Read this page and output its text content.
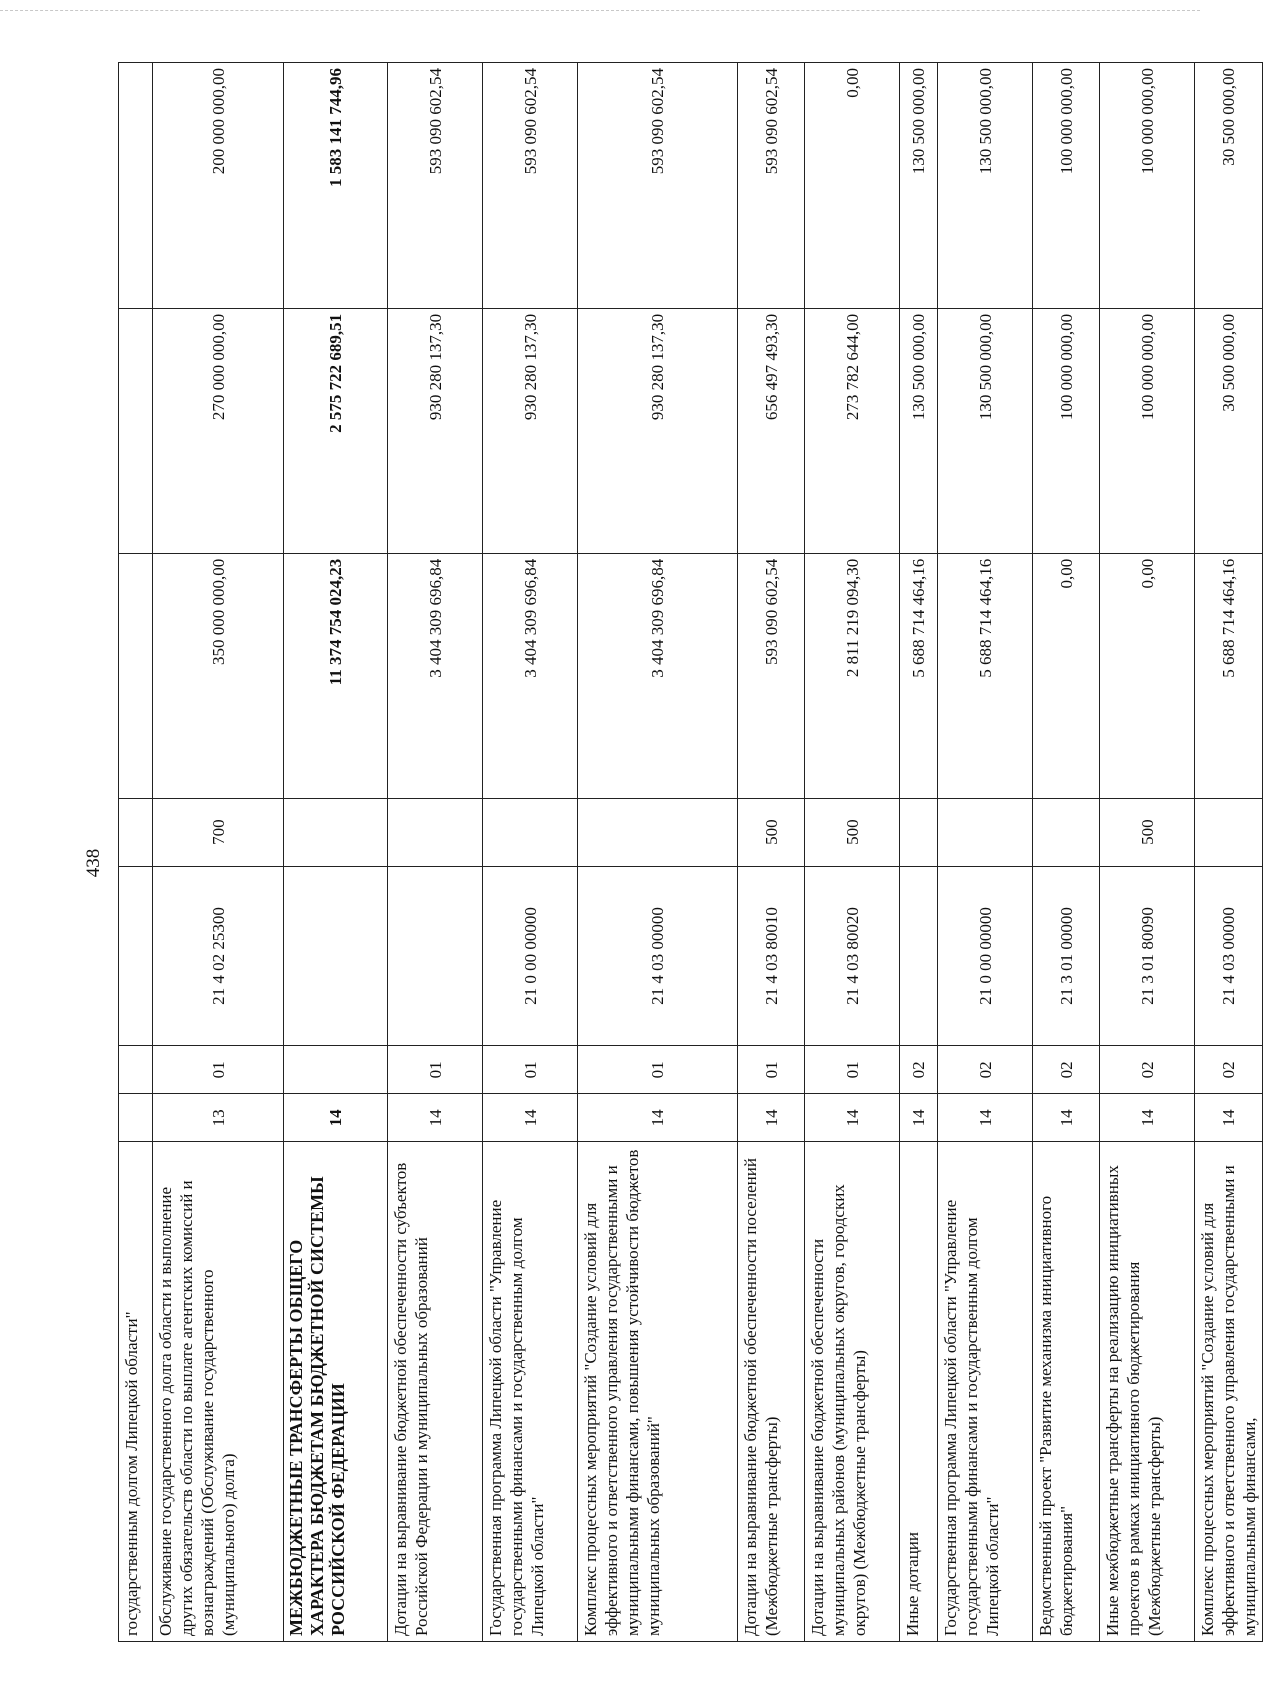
438
государственным долгом Липецкой области"							
Обслуживание государственного долга области и выполнение других обязательств области по выплате агентских комиссий и вознаграждений (Обслуживание государственного (муниципального) долга)	13	01	21 4 02 25300	700	350 000 000,00	270 000 000,00	200 000 000,00
МЕЖБЮДЖЕТНЫЕ ТРАНСФЕРТЫ ОБЩЕГО ХАРАКТЕРА БЮДЖЕТАМ БЮДЖЕТНОЙ СИСТЕМЫ РОССИЙСКОЙ ФЕДЕРАЦИИ	14				11 374 754 024,23	2 575 722 689,51	1 583 141 744,96
Дотации на выравнивание бюджетной обеспеченности субъектов Российской Федерации и муниципальных образований	14	01			3 404 309 696,84	930 280 137,30	593 090 602,54
Государственная программа Липецкой области "Управление государственными финансами и государственным долгом Липецкой области"	14	01	21 0 00 00000		3 404 309 696,84	930 280 137,30	593 090 602,54
Комплекс процессных мероприятий "Создание условий для эффективного и ответственного управления государственными и муниципальными финансами, повышения устойчивости бюджетов муниципальных образований"	14	01	21 4 03 00000		3 404 309 696,84	930 280 137,30	593 090 602,54
Дотации на выравнивание бюджетной обеспеченности поселений (Межбюджетные трансферты)	14	01	21 4 03 80010	500	593 090 602,54	656 497 493,30	593 090 602,54
Дотации на выравнивание бюджетной обеспеченности муниципальных районов (муниципальных округов, городских округов) (Межбюджетные трансферты)	14	01	21 4 03 80020	500	2 811 219 094,30	273 782 644,00	0,00
Иные дотации	14	02			5 688 714 464,16	130 500 000,00	130 500 000,00
Государственная программа Липецкой области "Управление государственными финансами и государственным долгом Липецкой области"	14	02	21 0 00 00000		5 688 714 464,16	130 500 000,00	130 500 000,00
Ведомственный проект "Развитие механизма инициативного бюджетирования"	14	02	21 3 01 00000		0,00	100 000 000,00	100 000 000,00
Иные межбюджетные трансферты на реализацию инициативных проектов в рамках инициативного бюджетирования (Межбюджетные трансферты)	14	02	21 3 01 80090	500	0,00	100 000 000,00	100 000 000,00
Комплекс процессных мероприятий "Создание условий для эффективного и ответственного управления государственными и муниципальными финансами,	14	02	21 4 03 00000		5 688 714 464,16	30 500 000,00	30 500 000,00
